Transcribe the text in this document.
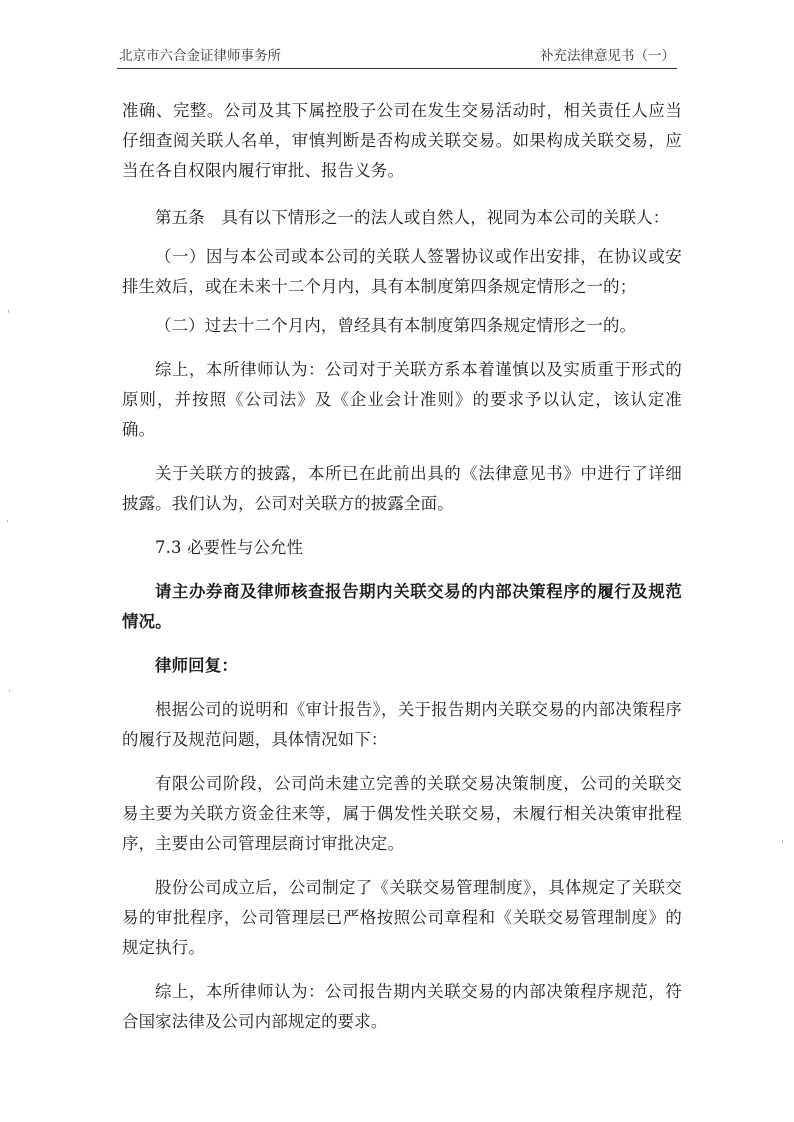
北京市六合金证律师事务所	补充法律意见书（一）

准确、完整。公司及其下属控股子公司在发生交易活动时，相关责任人应当仔细查阅关联人名单，审慎判断是否构成关联交易。如果构成关联交易，应当在各自权限内履行审批、报告义务。

第五条　具有以下情形之一的法人或自然人，视同为本公司的关联人：

（一）因与本公司或本公司的关联人签署协议或作出安排，在协议或安排生效后，或在未来十二个月内，具有本制度第四条规定情形之一的；

（二）过去十二个月内，曾经具有本制度第四条规定情形之一的。

综上，本所律师认为：公司对于关联方系本着谨慎以及实质重于形式的原则，并按照《公司法》及《企业会计准则》的要求予以认定，该认定准确。

关于关联方的披露，本所已在此前出具的《法律意见书》中进行了详细披露。我们认为，公司对关联方的披露全面。

7.3 必要性与公允性

请主办券商及律师核查报告期内关联交易的内部决策程序的履行及规范情况。

律师回复：

根据公司的说明和《审计报告》，关于报告期内关联交易的内部决策程序的履行及规范问题，具体情况如下：

有限公司阶段，公司尚未建立完善的关联交易决策制度，公司的关联交易主要为关联方资金往来等，属于偶发性关联交易，未履行相关决策审批程序，主要由公司管理层商讨审批决定。

股份公司成立后，公司制定了《关联交易管理制度》，具体规定了关联交易的审批程序，公司管理层已严格按照公司章程和《关联交易管理制度》的规定执行。

综上，本所律师认为：公司报告期内关联交易的内部决策程序规范，符合国家法律及公司内部规定的要求。
